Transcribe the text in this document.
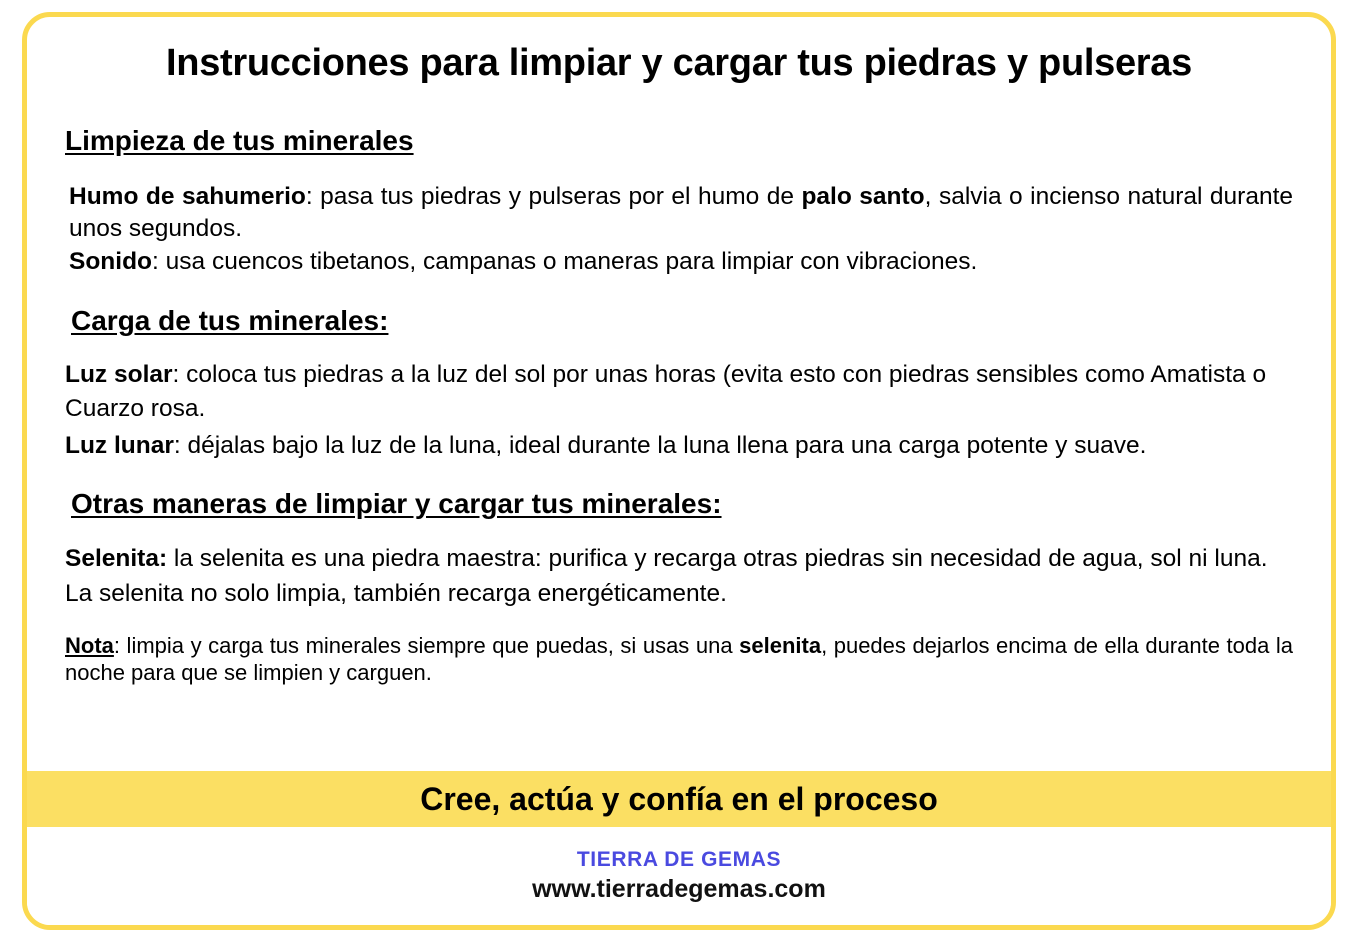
Instrucciones para limpiar y cargar tus piedras y pulseras
Limpieza de tus minerales

Humo de sahumerio: pasa tus piedras y pulseras por el humo de palo santo, salvia o incienso natural durante unos segundos.

Sonido: usa cuencos tibetanos, campanas o maneras para limpiar con vibraciones.

Carga de tus minerales:

Luz solar: coloca tus piedras a la luz del sol por unas horas (evita esto con piedras sensibles como Amatista o Cuarzo rosa.

Luz lunar: déjalas bajo la luz de la luna, ideal durante la luna llena para una carga potente y suave.

Otras maneras de limpiar y cargar tus minerales:

Selenita: la selenita es una piedra maestra: purifica y recarga otras piedras sin necesidad de agua, sol ni luna. La selenita no solo limpia, también recarga energéticamente.

Nota: limpia y carga tus minerales siempre que puedas, si usas una selenita, puedes dejarlos encima de ella durante toda la noche para que se limpien y carguen.

Cree, actúa y confía en el proceso
TIERRA DE GEMAS
www.tierradegemas.com
